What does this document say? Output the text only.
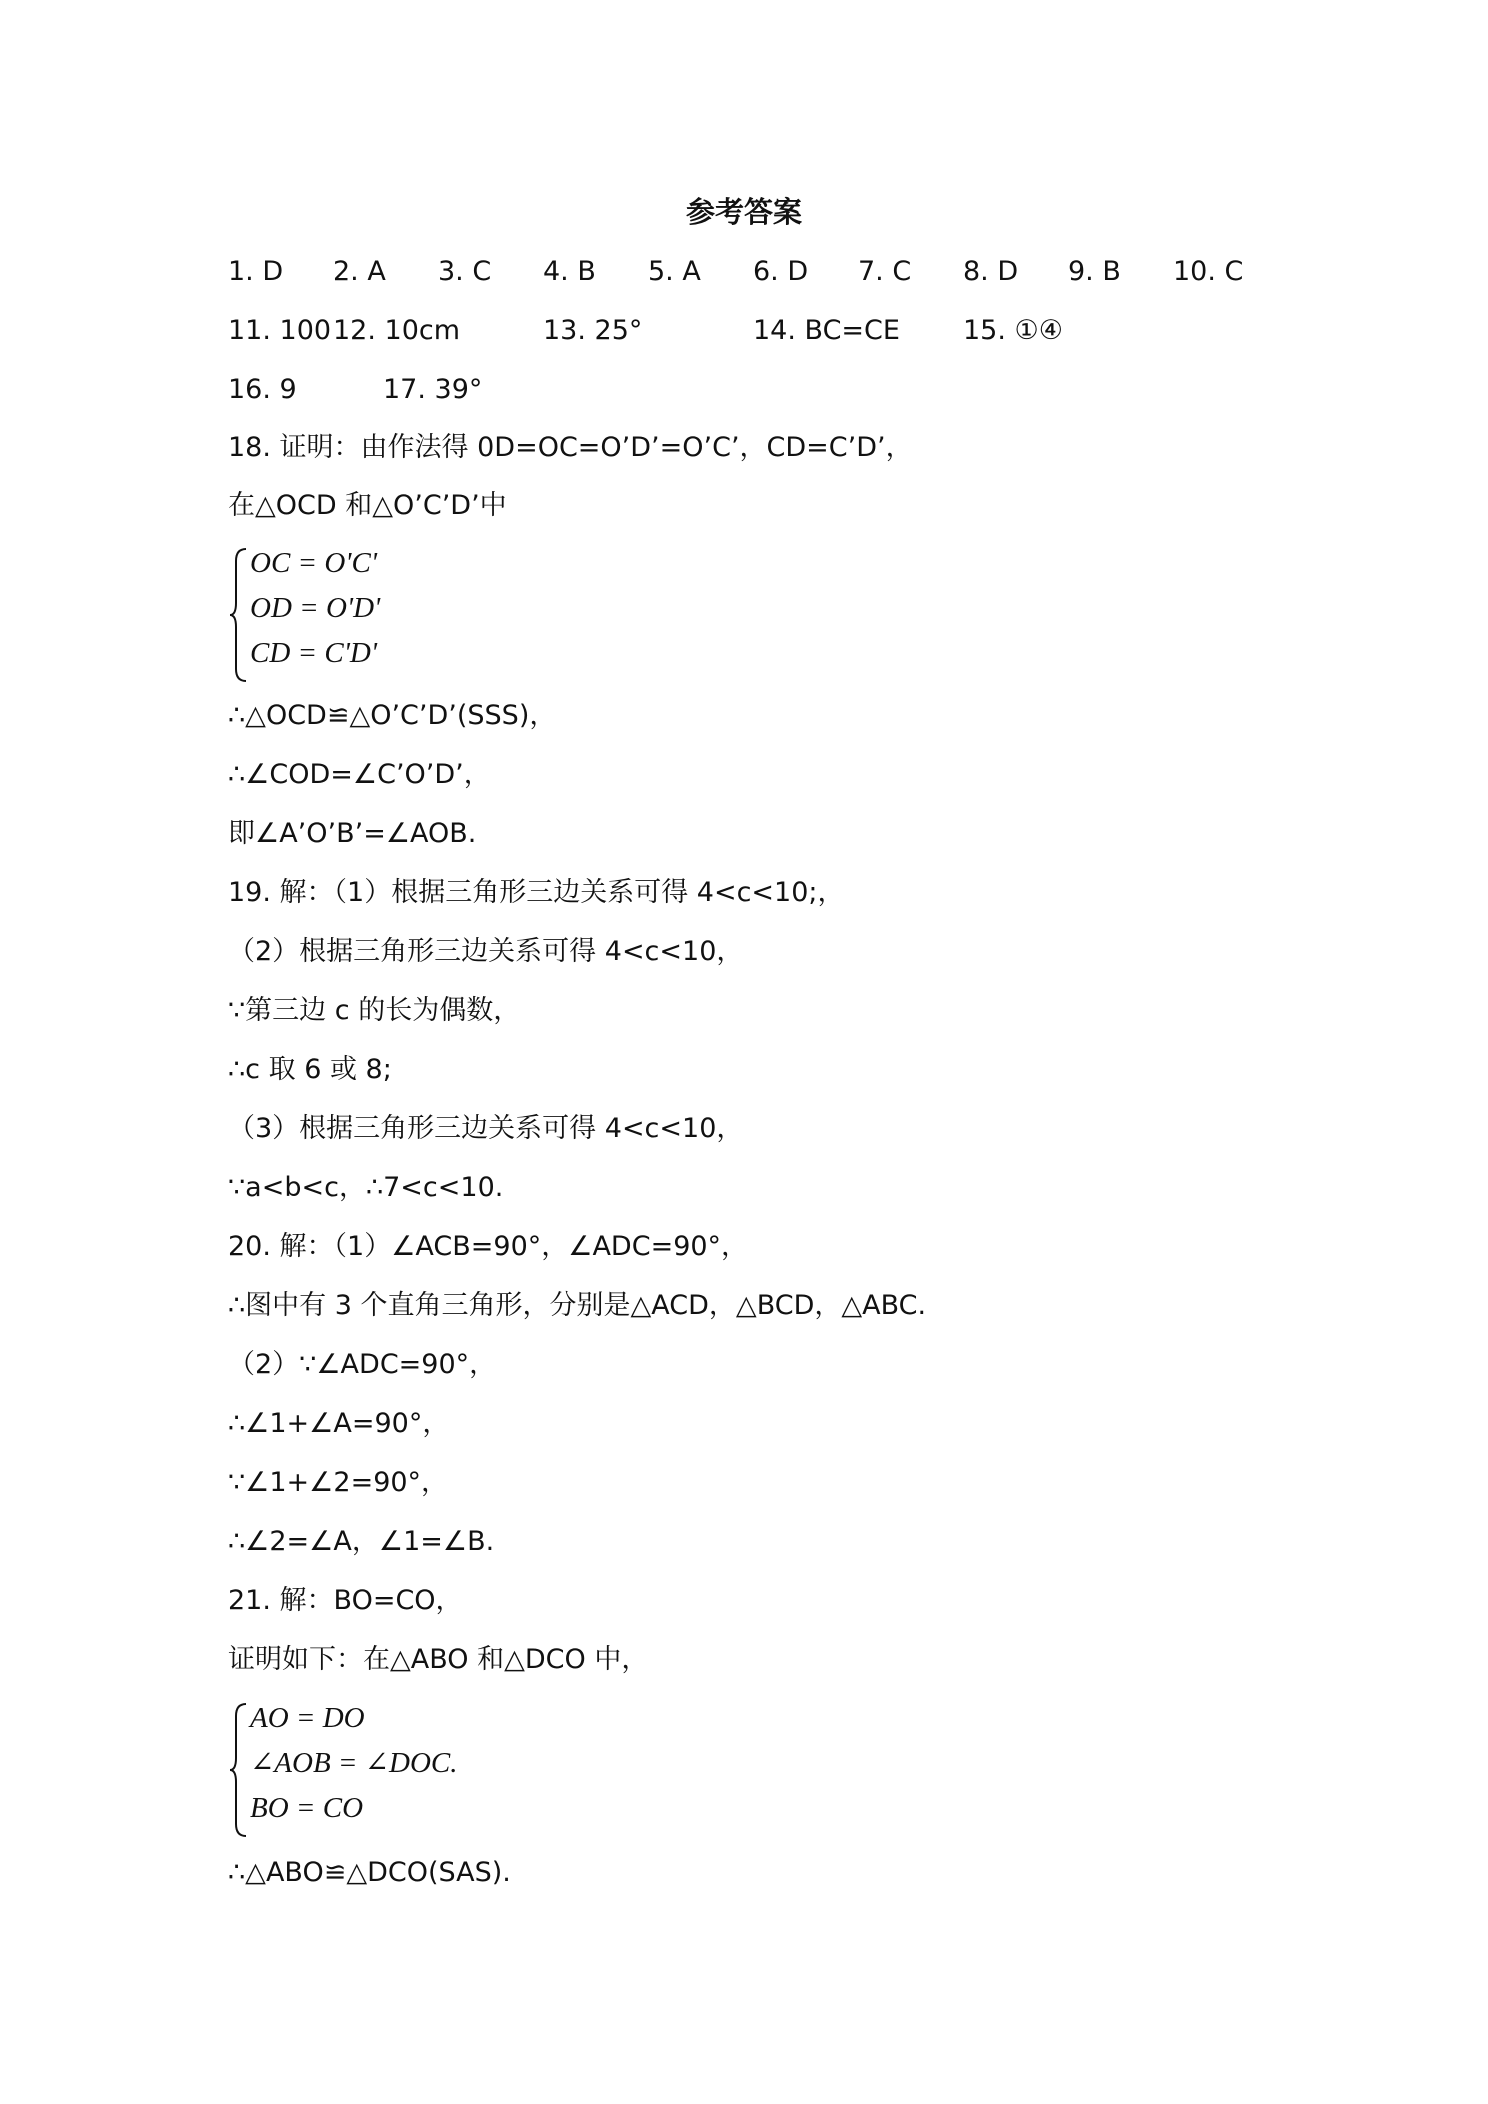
参考答案
1. D 2. A 3. C 4. B 5. A 6. D 7. C 8. D 9. B 10. C
11. 100 12. 10cm	13. 25°	14. BC=CE 15. ①④
16. 9	17. 39°
18. 证明：由作法得 0D=OC=O’D’=O’C’，CD=C’D’，
在△OCD 和△O’C’D’中
OC = O'C'
OD = O'D'
CD = C'D'
∴△OCD≌△O’C’D’(SSS)，
∴∠COD=∠C’O’D’，
即∠A’O’B’=∠AOB.
19. 解：（1）根据三角形三边关系可得 4<c<10;，
（2）根据三角形三边关系可得 4<c<10，
∵第三边 c 的长为偶数，
∴c 取 6 或 8;
（3）根据三角形三边关系可得 4<c<10，
∵a<b<c，∴7<c<10.
20. 解：（1）∠ACB=90°，∠ADC=90°，
∴图中有 3 个直角三角形，分别是△ACD，△BCD，△ABC.
（2）∵∠ADC=90°，
∴∠1+∠A=90°，
∵∠1+∠2=90°，
∴∠2=∠A，∠1=∠B.
21. 解：BO=CO，
证明如下：在△ABO 和△DCO 中，
AO = DO
∠AOB = ∠DOC.
BO = CO
∴△ABO≌△DCO(SAS).
